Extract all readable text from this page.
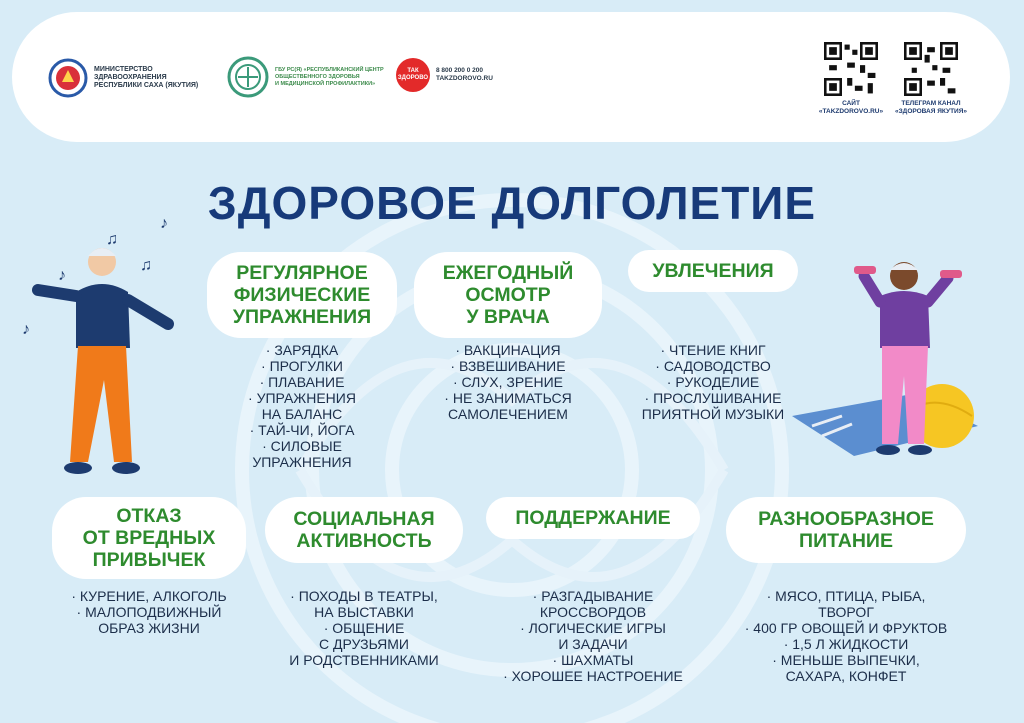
МИНИСТЕРСТВО
ЗДРАВООХРАНЕНИЯ
РЕСПУБЛИКИ САХА (ЯКУТИЯ)
ГБУ РС(Я) «РЕСПУБЛИКАНСКИЙ ЦЕНТР
ОБЩЕСТВЕННОГО ЗДОРОВЬЯ
И МЕДИЦИНСКОЙ ПРОФИЛАКТИКИ»
ТАК ЗДОРОВО
8 800 200 0 200
TAKZDOROVO.RU
САЙТ
«TAKZDOROVO.RU»
ТЕЛЕГРАМ КАНАЛ
«ЗДОРОВАЯ ЯКУТИЯ»
ЗДОРОВОЕ ДОЛГОЛЕТИЕ
♪
♫
♫
♪
♪
РЕГУЛЯРНОЕ
ФИЗИЧЕСКИЕ
УПРАЖНЕНИЯ
ЕЖЕГОДНЫЙ
ОСМОТР
У ВРАЧА
УВЛЕЧЕНИЯ
· ЗАРЯДКА
· ПРОГУЛКИ
· ПЛАВАНИЕ
· УПРАЖНЕНИЯ
НА БАЛАНС
· ТАЙ-ЧИ, ЙОГА
· СИЛОВЫЕ
УПРАЖНЕНИЯ
· ВАКЦИНАЦИЯ
· ВЗВЕШИВАНИЕ
· СЛУХ, ЗРЕНИЕ
· НЕ ЗАНИМАТЬСЯ
САМОЛЕЧЕНИЕМ
· ЧТЕНИЕ КНИГ
· САДОВОДСТВО
· РУКОДЕЛИЕ
· ПРОСЛУШИВАНИЕ
ПРИЯТНОЙ МУЗЫКИ
ОТКАЗ
ОТ ВРЕДНЫХ
ПРИВЫЧЕК
СОЦИАЛЬНАЯ
АКТИВНОСТЬ
ПОДДЕРЖАНИЕ	РАЗНООБРАЗНОЕ
ПИТАНИЕ
· КУРЕНИЕ, АЛКОГОЛЬ
· МАЛОПОДВИЖНЫЙ
ОБРАЗ ЖИЗНИ
· ПОХОДЫ В ТЕАТРЫ,
НА ВЫСТАВКИ
· ОБЩЕНИЕ
С ДРУЗЬЯМИ
И РОДСТВЕННИКАМИ
· РАЗГАДЫВАНИЕ
КРОССВОРДОВ
· ЛОГИЧЕСКИЕ ИГРЫ
И ЗАДАЧИ
· ШАХМАТЫ
· ХОРОШЕЕ НАСТРОЕНИЕ
· МЯСО, ПТИЦА, РЫБА,
ТВОРОГ
· 400 ГР ОВОЩЕЙ И ФРУКТОВ
· 1,5 Л ЖИДКОСТИ
· МЕНЬШЕ ВЫПЕЧКИ,
САХАРА, КОНФЕТ
